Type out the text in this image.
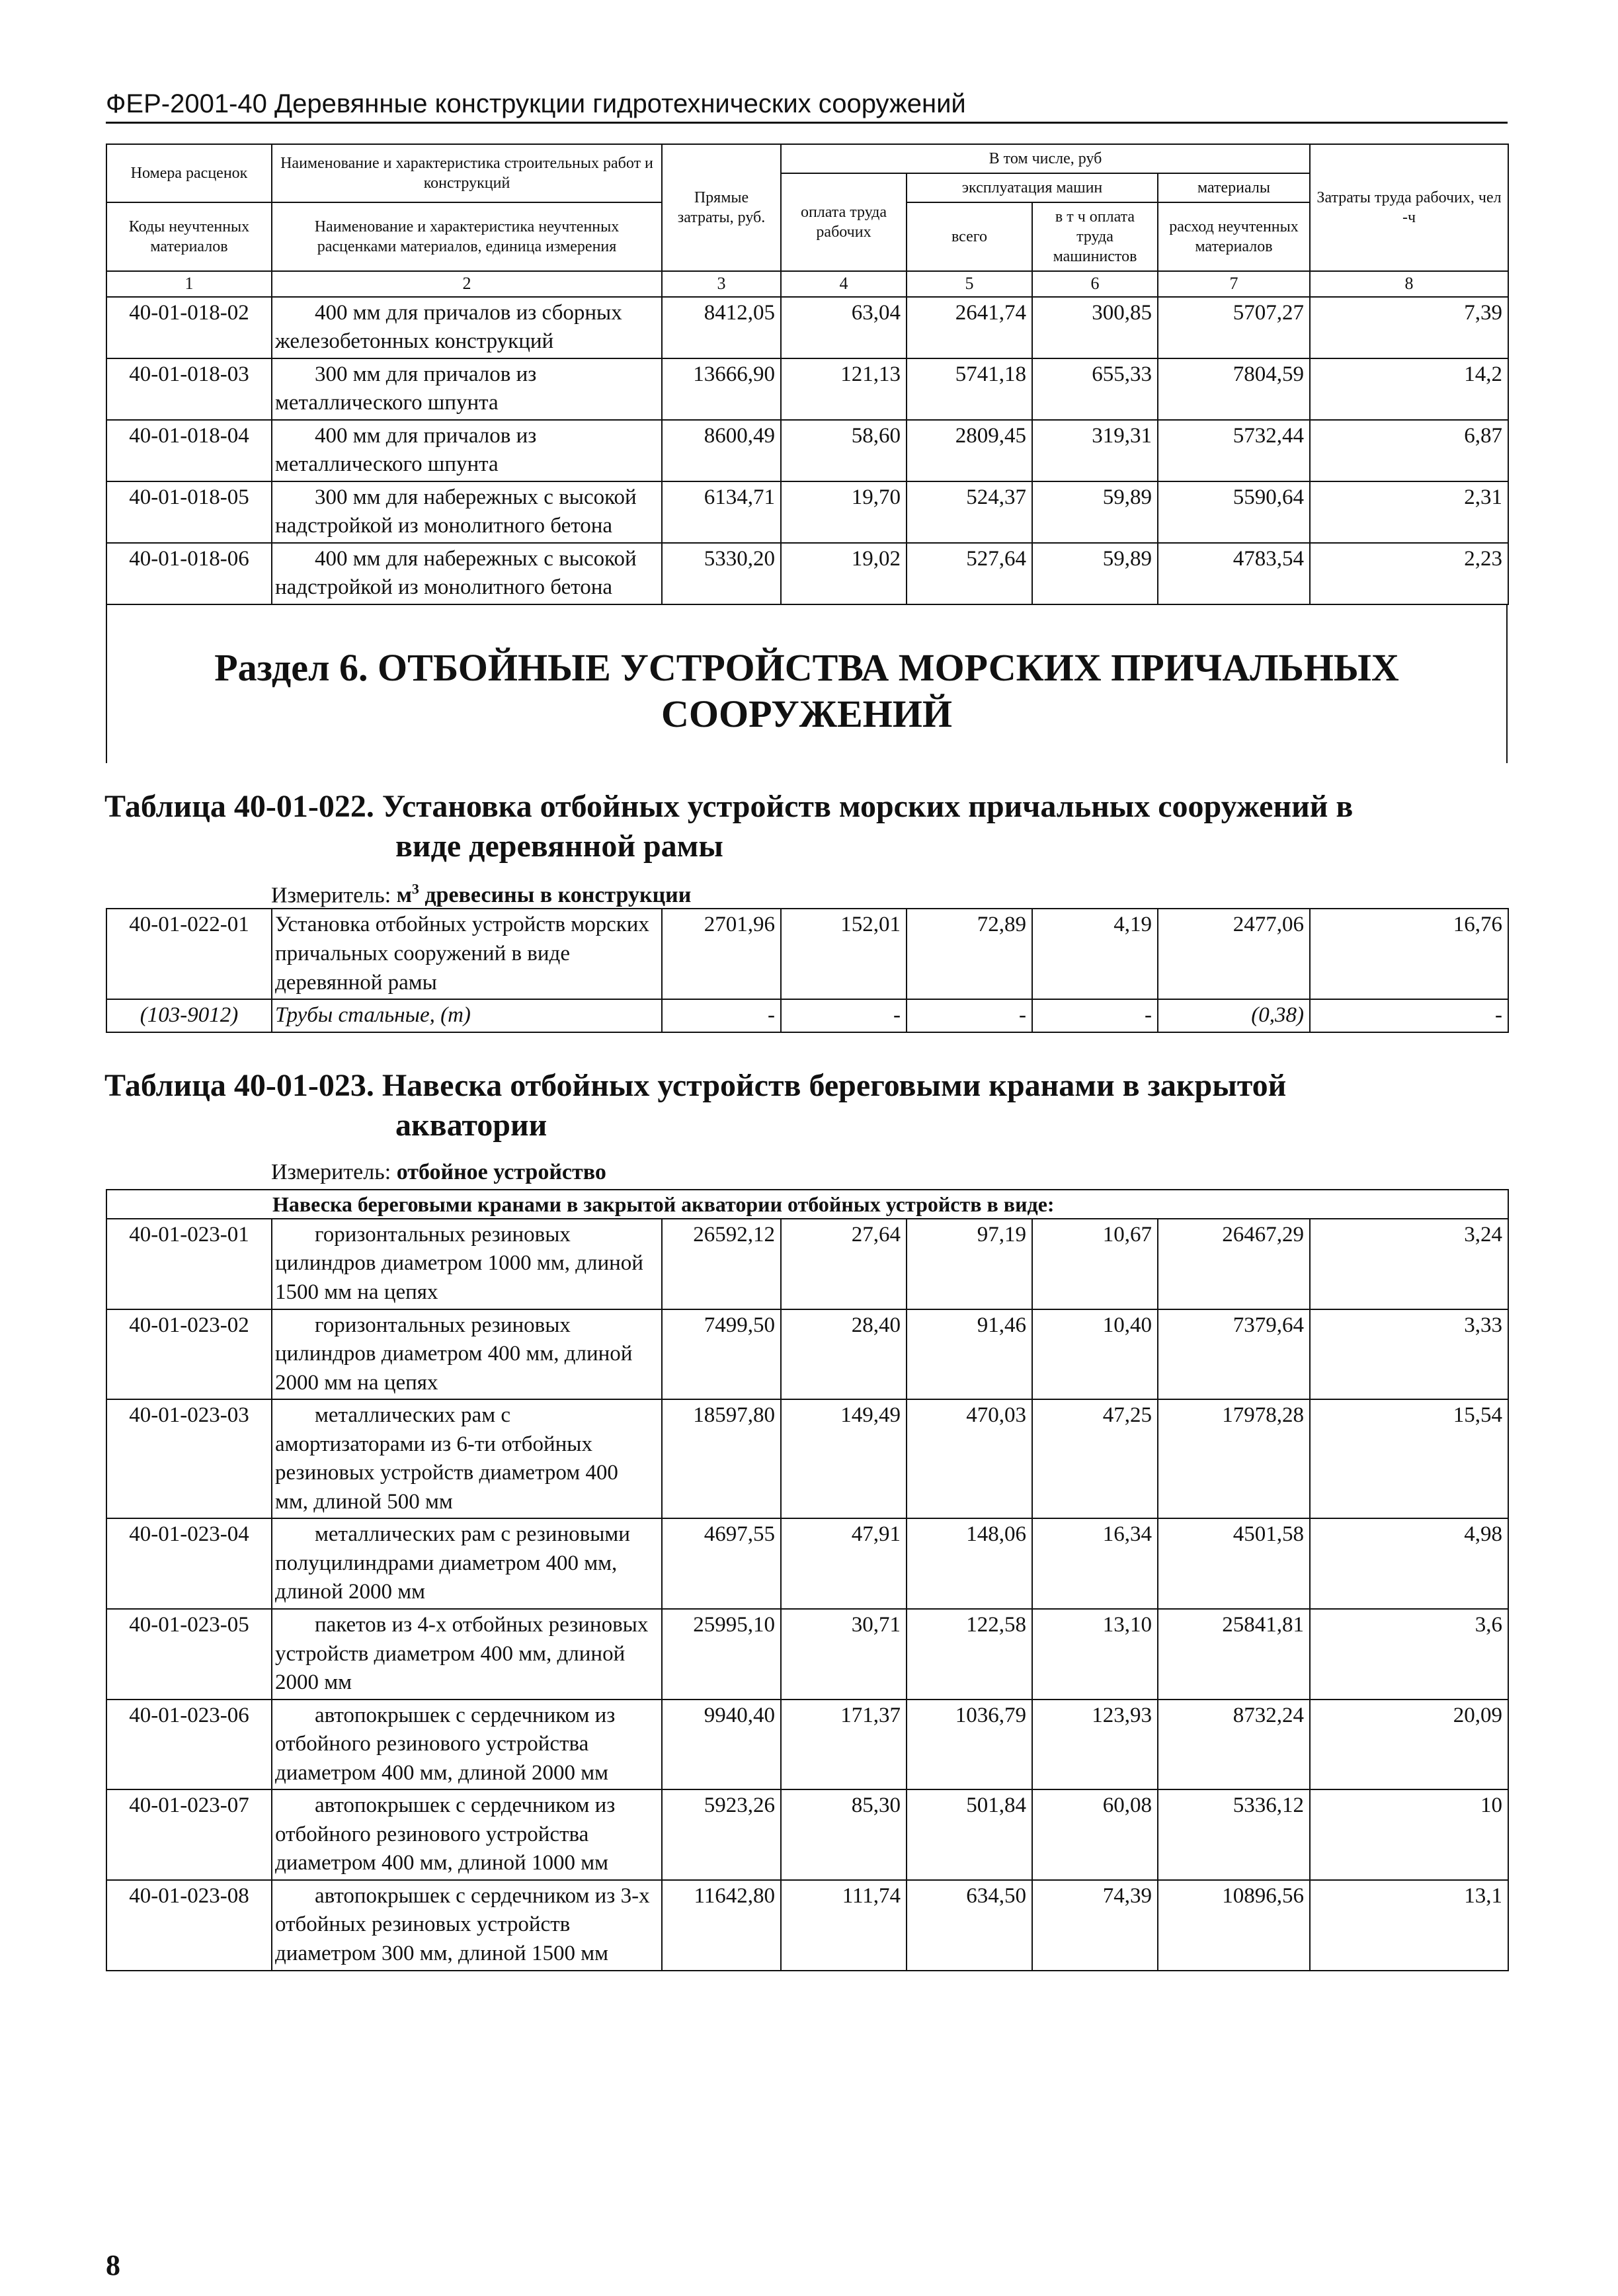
ФЕР-2001-40 Деревянные конструкции гидротехнических сооружений
Номера расценок	Наименование и характеристика строительных работ и конструкций	Прямые затраты, руб.	В том числе, руб				Затраты труда рабочих, чел -ч
			оплата труда рабочих	эксплуатация машин		материалы	
Коды неучтенных материалов	Наименование и характеристика неучтенных расценками материалов, единица измерения			всего	в т ч оплата труда машинистов	расход неучтенных материалов	

1	2	3	4	5	6	7	8
40-01-018-02	400 мм для причалов из сборных железобетонных конструкций	8412,05	63,04	2641,74	300,85	5707,27	7,39
40-01-018-03	300 мм для причалов из металлического шпунта	13666,90	121,13	5741,18	655,33	7804,59	14,2
40-01-018-04	400 мм для причалов из металлического шпунта	8600,49	58,60	2809,45	319,31	5732,44	6,87
40-01-018-05	300 мм для набережных с высокой надстройкой из монолитного бетона	6134,71	19,70	524,37	59,89	5590,64	2,31
40-01-018-06	400 мм для набережных с высокой надстройкой из монолитного бетона	5330,20	19,02	527,64	59,89	4783,54	2,23
Раздел 6. ОТБОЙНЫЕ УСТРОЙСТВА МОРСКИХ ПРИЧАЛЬНЫХ СООРУЖЕНИЙ
Таблица 40-01-022. Установка отбойных устройств морских причальных сооружений в
виде деревянной рамы
Измеритель: $м^3$ древесины в конструкции
40-01-022-01	Установка отбойных устройств морских причальных сооружений в виде деревянной рамы	2701,96	152,01	72,89	4,19	2477,06	16,76
(103-9012)	Трубы стальные, (т)	-	-	-	-	(0,38)	-
Таблица 40-01-023. Навеска отбойных устройств береговыми кранами в закрытой
акватории
Измеритель: отбойное устройство
Навеска береговыми кранами в закрытой акватории отбойных устройств в виде:							
40-01-023-01	горизонтальных резиновых цилиндров диаметром 1000 мм, длиной 1500 мм на цепях	26592,12	27,64	97,19	10,67	26467,29	3,24
40-01-023-02	горизонтальных резиновых цилиндров диаметром 400 мм, длиной 2000 мм на цепях	7499,50	28,40	91,46	10,40	7379,64	3,33
40-01-023-03	металлических рам с амортизаторами из 6-ти отбойных резиновых устройств диаметром 400 мм, длиной 500 мм	18597,80	149,49	470,03	47,25	17978,28	15,54
40-01-023-04	металлических рам с резиновыми полуцилиндрами диаметром 400 мм, длиной 2000 мм	4697,55	47,91	148,06	16,34	4501,58	4,98
40-01-023-05	пакетов из 4-х отбойных резиновых устройств диаметром 400 мм, длиной 2000 мм	25995,10	30,71	122,58	13,10	25841,81	3,6
40-01-023-06	автопокрышек с сердечником из отбойного резинового устройства диаметром 400 мм, длиной 2000 мм	9940,40	171,37	1036,79	123,93	8732,24	20,09
40-01-023-07	автопокрышек с сердечником из отбойного резинового устройства диаметром 400 мм, длиной 1000 мм	5923,26	85,30	501,84	60,08	5336,12	10
40-01-023-08	автопокрышек с сердечником из 3-х отбойных резиновых устройств диаметром 300 мм, длиной 1500 мм	11642,80	111,74	634,50	74,39	10896,56	13,1
8
